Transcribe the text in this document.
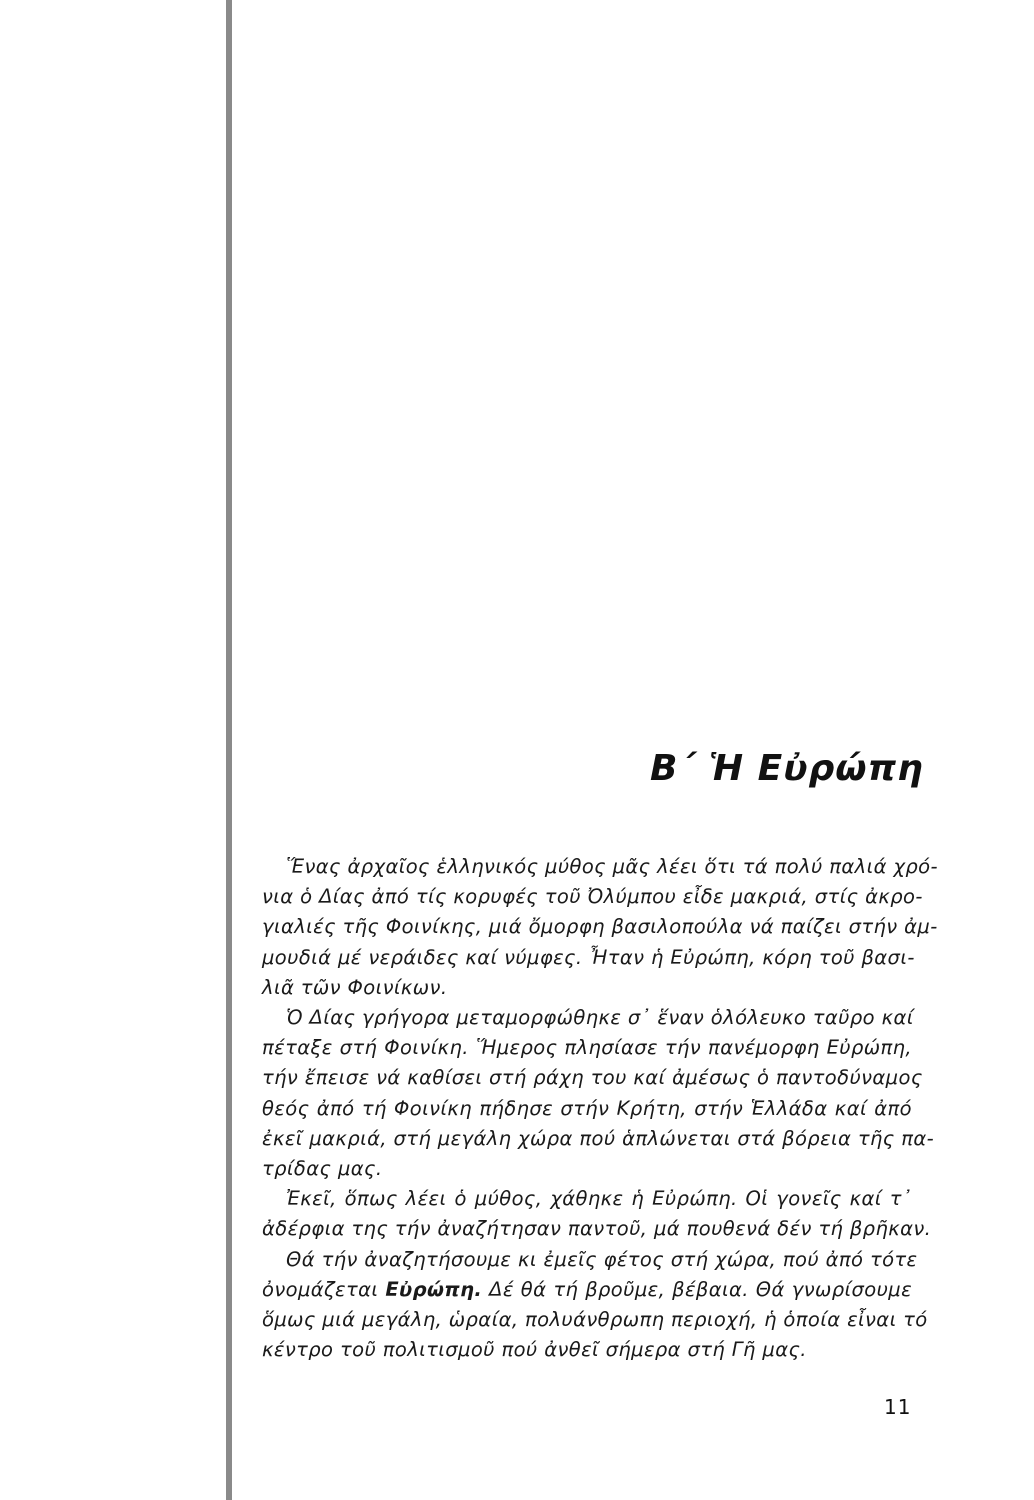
Β΄ Ἡ Εὐρώπη

Ἕνας ἀρχαῖος ἑλληνικός μύθος μᾶς λέει ὅτι τά πολύ παλιά χρό-
νια ὁ Δίας ἀπό τίς κορυφές τοῦ Ὀλύμπου εἶδε μακριά, στίς ἀκρο-
γιαλιές τῆς Φοινίκης, μιά ὄμορφη βασιλοπούλα νά παίζει στήν ἀμ-
μουδιά μέ νεράιδες καί νύμφες. Ἦταν ἡ Εὐρώπη, κόρη τοῦ βασι-
λιᾶ τῶν Φοινίκων.

Ὁ Δίας γρήγορα μεταμορφώθηκε σ᾿ ἕναν ὁλόλευκο ταῦρο καί
πέταξε στή Φοινίκη. Ἥμερος πλησίασε τήν πανέμορφη Εὐρώπη,
τήν ἔπεισε νά καθίσει στή ράχη του καί ἀμέσως ὁ παντοδύναμος
θεός ἀπό τή Φοινίκη πήδησε στήν Κρήτη, στήν Ἑλλάδα καί ἀπό
ἐκεῖ μακριά, στή μεγάλη χώρα πού ἁπλώνεται στά βόρεια τῆς πα-
τρίδας μας.

Ἐκεῖ, ὅπως λέει ὁ μύθος, χάθηκε ἡ Εὐρώπη. Οἱ γονεῖς καί τ᾿
ἀδέρφια της τήν ἀναζήτησαν παντοῦ, μά πουθενά δέν τή βρῆκαν.

Θά τήν ἀναζητήσουμε κι ἐμεῖς φέτος στή χώρα, πού ἀπό τότε
ὀνομάζεται Εὐρώπη. Δέ θά τή βροῦμε, βέβαια. Θά γνωρίσουμε
ὅμως μιά μεγάλη, ὡραία, πολυάνθρωπη περιοχή, ἡ ὁποία εἶναι τό
κέντρο τοῦ πολιτισμοῦ πού ἀνθεῖ σήμερα στή Γῆ μας.

11
